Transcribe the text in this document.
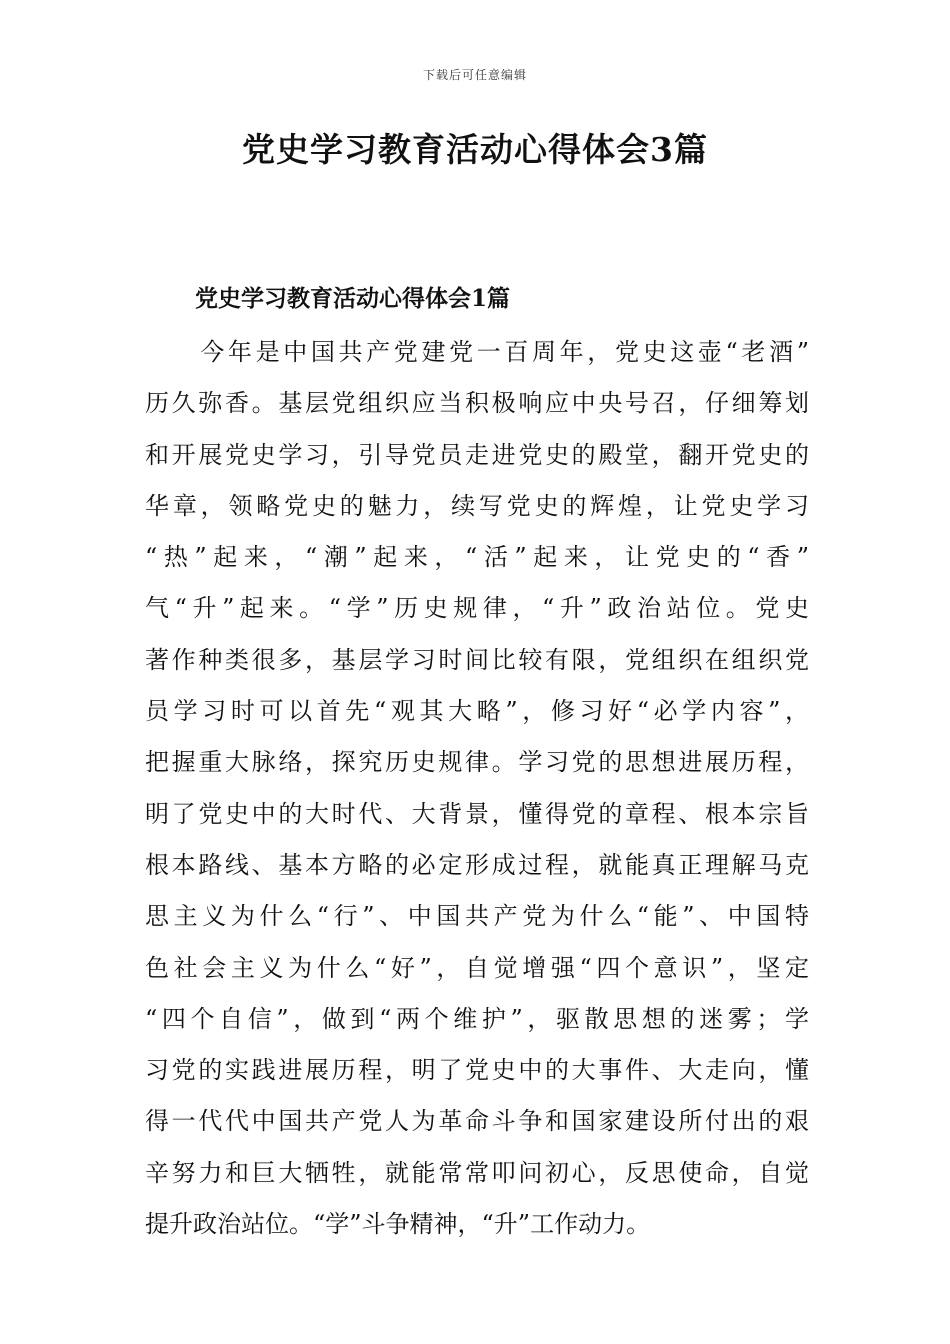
下载后可任意编辑
党史学习教育活动心得体会3篇
党史学习教育活动心得体会1篇
　　今年是中国共产党建党一百周年，党史这壶“老酒”
历久弥香。基层党组织应当积极响应中央号召，仔细筹划
和开展党史学习，引导党员走进党史的殿堂，翻开党史的
华章，领略党史的魅力，续写党史的辉煌，让党史学习
“热”起来，“潮”起来，“活”起来，让党史的“香”
气“升”起来。“学”历史规律，“升”政治站位。党史
著作种类很多，基层学习时间比较有限，党组织在组织党
员学习时可以首先“观其大略”，修习好“必学内容”，
把握重大脉络，探究历史规律。学习党的思想进展历程，
明了党史中的大时代、大背景，懂得党的章程、根本宗旨
根本路线、基本方略的必定形成过程，就能真正理解马克
思主义为什么“行”、中国共产党为什么“能”、中国特
色社会主义为什么“好”，自觉增强“四个意识”，坚定
“四个自信”，做到“两个维护”，驱散思想的迷雾；学
习党的实践进展历程，明了党史中的大事件、大走向，懂
得一代代中国共产党人为革命斗争和国家建设所付出的艰
辛努力和巨大牺牲，就能常常叩问初心，反思使命，自觉
提升政治站位。“学”斗争精神，“升”工作动力。
